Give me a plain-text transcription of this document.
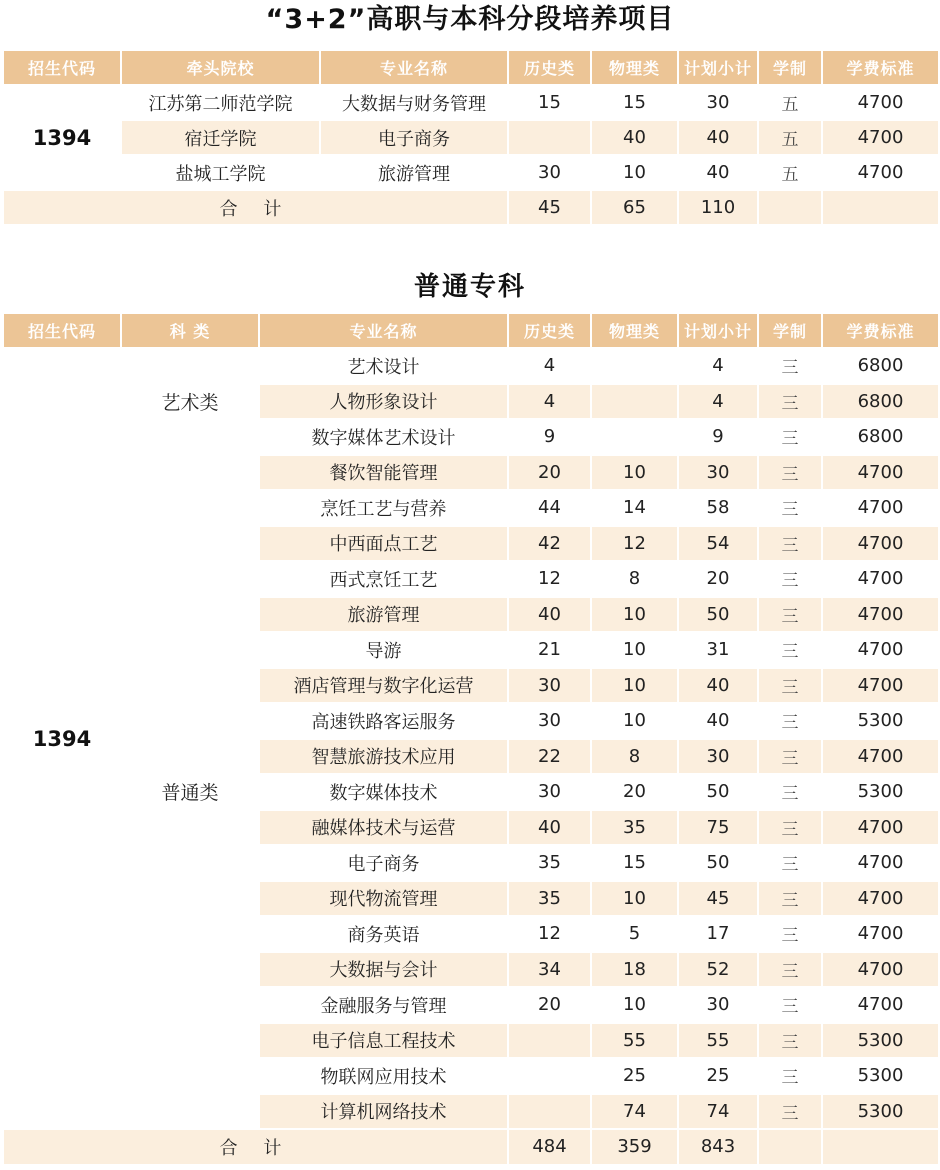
“3+2”高职与本科分段培养项目
招生代码	牵头院校	专业名称	历史类	物理类	计划小计	学制	学费标准
1394	江苏第二师范学院	大数据与财务管理	15	15	30	五	4700
	宿迁学院	电子商务		40	40	五	4700
	盐城工学院	旅游管理	30	10	40	五	4700
合 计			45	65	110		
普通专科
招生代码	科 类	专业名称	历史类	物理类	计划小计	学制	学费标准
1394	艺术类	艺术设计	4		4	三	6800
		人物形象设计	4		4	三	6800
		数字媒体艺术设计	9		9	三	6800
	普通类	餐饮智能管理	20	10	30	三	4700
		烹饪工艺与营养	44	14	58	三	4700
		中西面点工艺	42	12	54	三	4700
		西式烹饪工艺	12	8	20	三	4700
		旅游管理	40	10	50	三	4700
		导游	21	10	31	三	4700
		酒店管理与数字化运营	30	10	40	三	4700
		高速铁路客运服务	30	10	40	三	5300
		智慧旅游技术应用	22	8	30	三	4700
		数字媒体技术	30	20	50	三	5300
		融媒体技术与运营	40	35	75	三	4700
		电子商务	35	15	50	三	4700
		现代物流管理	35	10	45	三	4700
		商务英语	12	5	17	三	4700
		大数据与会计	34	18	52	三	4700
		金融服务与管理	20	10	30	三	4700
		电子信息工程技术		55	55	三	5300
		物联网应用技术		25	25	三	5300
		计算机网络技术		74	74	三	5300
合 计			484	359	843		
